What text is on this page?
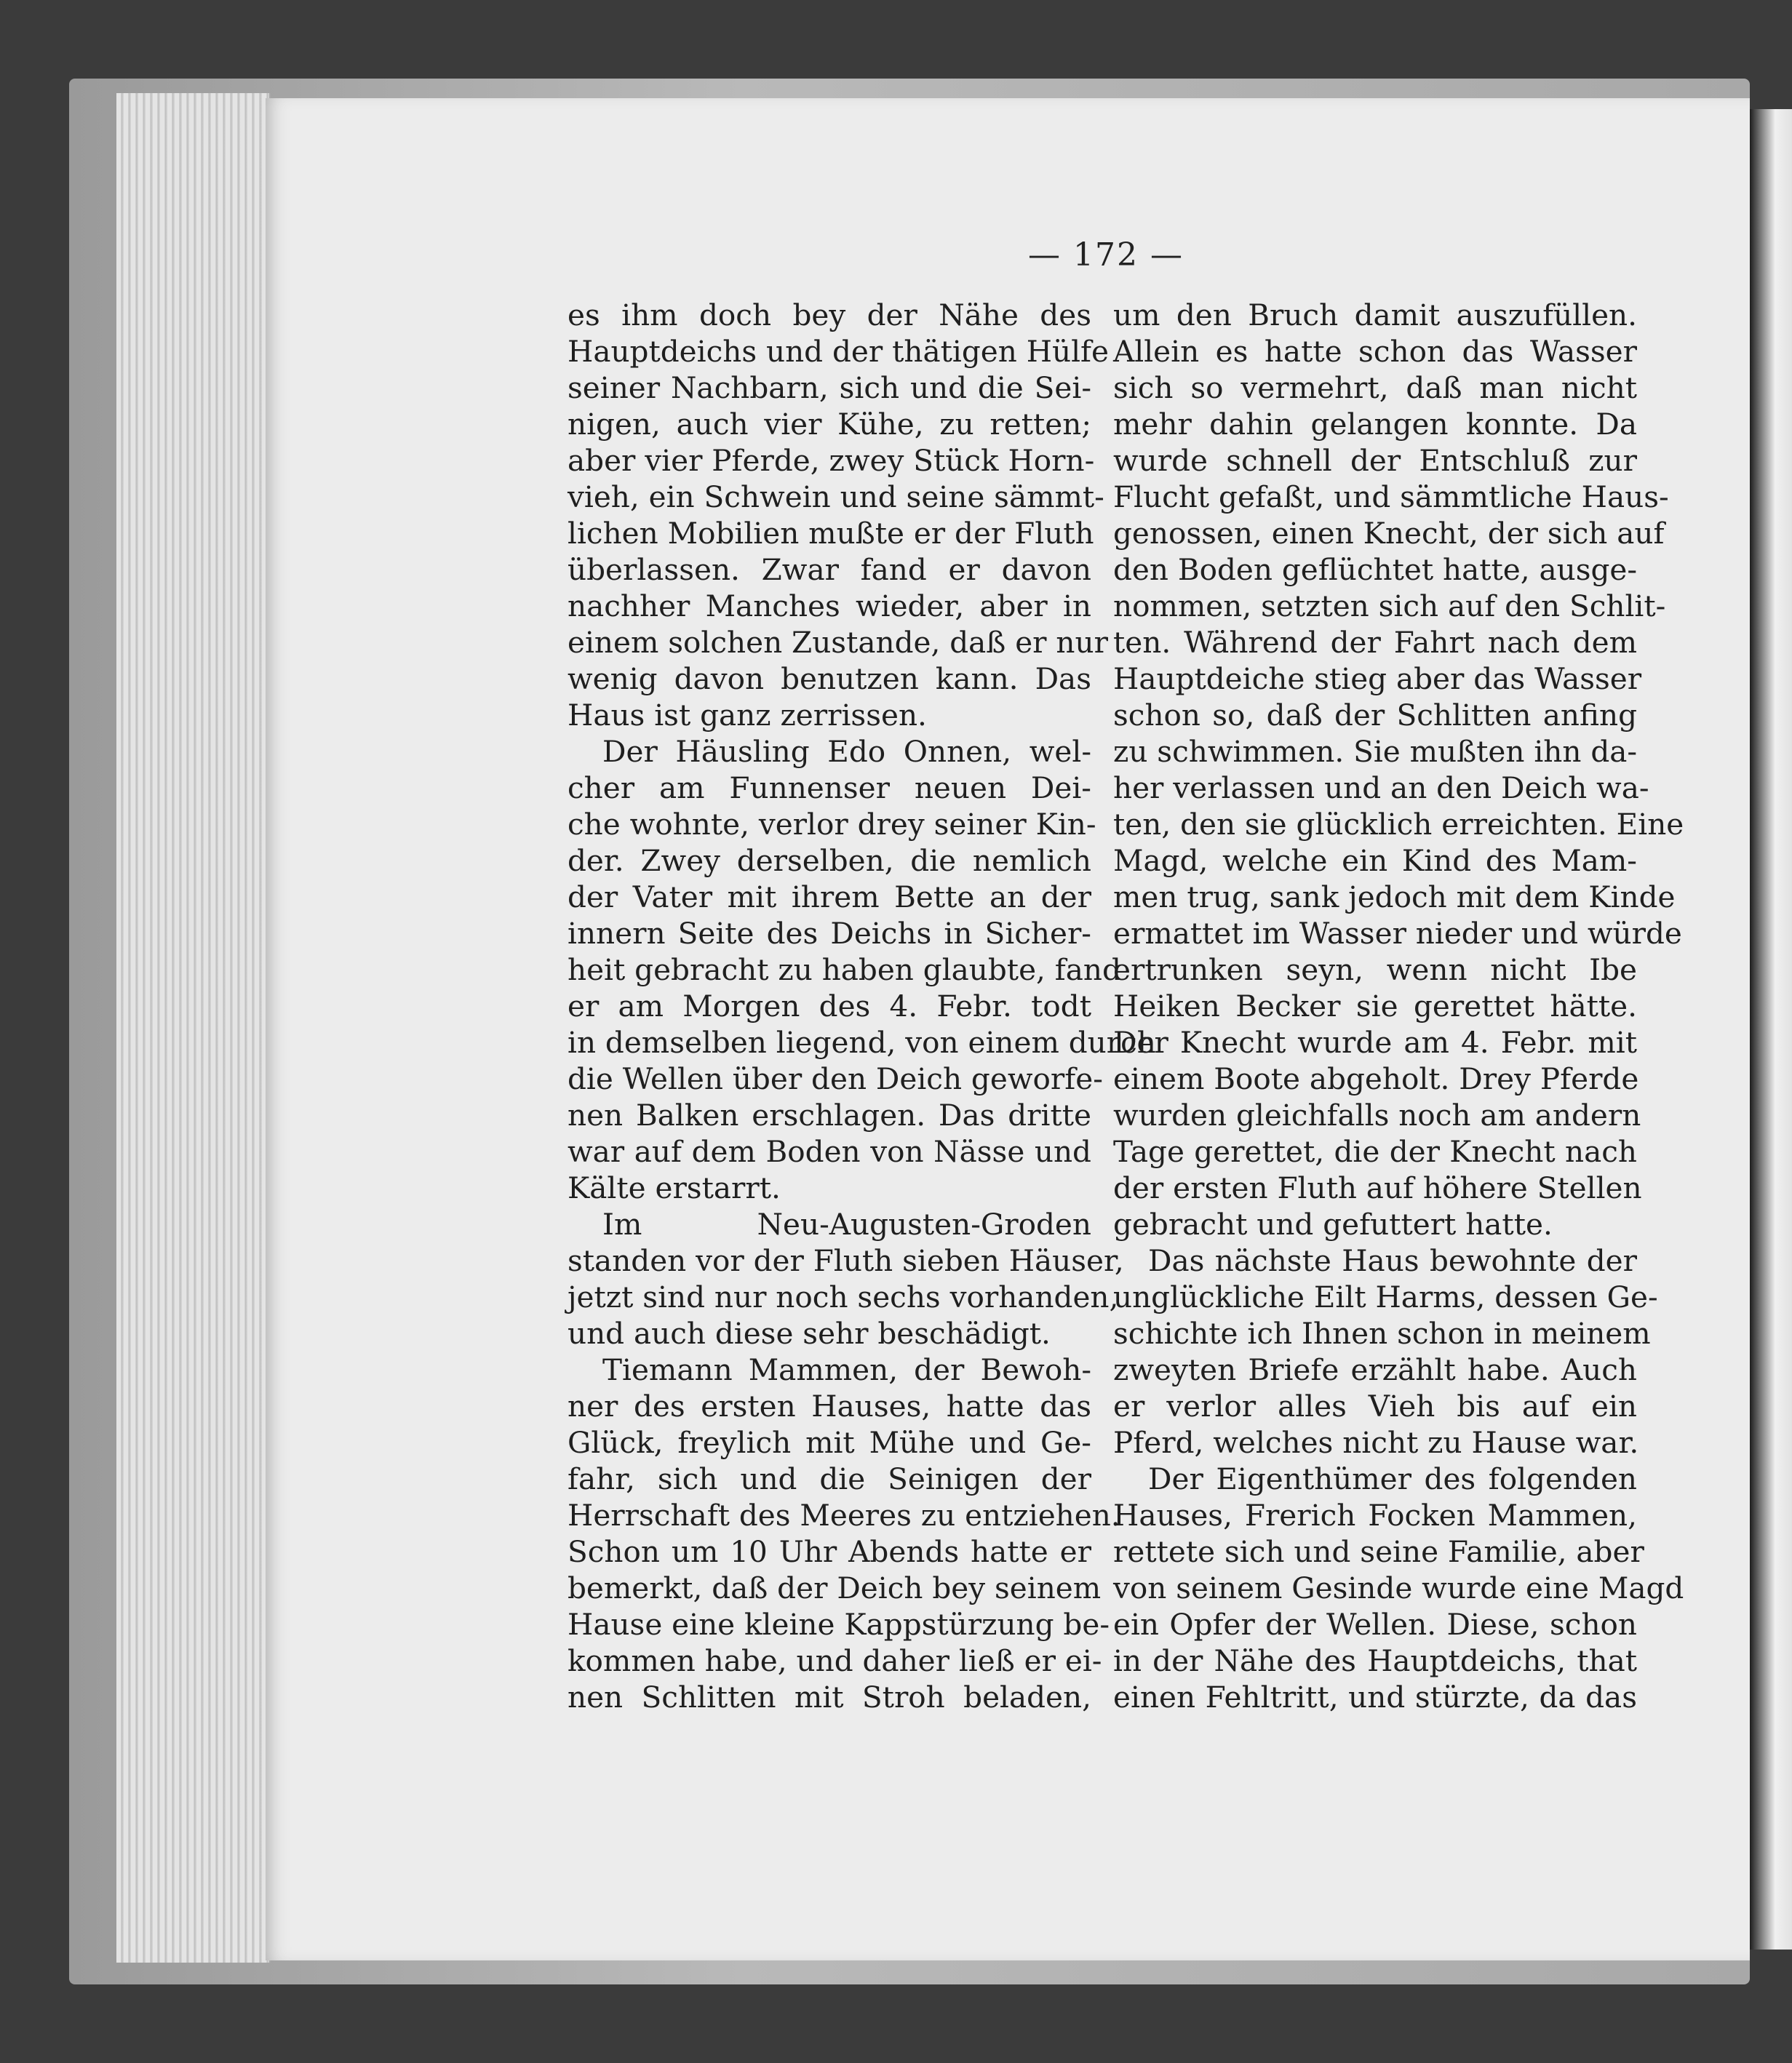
— 172 —
es ihm doch bey der Nähe des
Hauptdeichs und der thätigen Hülfe
seiner Nachbarn, sich und die Sei-
nigen, auch vier Kühe, zu retten;
aber vier Pferde, zwey Stück Horn-
vieh, ein Schwein und seine sämmt-
lichen Mobilien mußte er der Fluth
überlassen. Zwar fand er davon
nachher Manches wieder, aber in
einem solchen Zustande, daß er nur
wenig davon benutzen kann. Das
Haus ist ganz zerrissen.
Der Häusling Edo Onnen, wel-
cher am Funnenser neuen Dei-
che wohnte, verlor drey seiner Kin-
der. Zwey derselben, die nemlich
der Vater mit ihrem Bette an der
innern Seite des Deichs in Sicher-
heit gebracht zu haben glaubte, fand
er am Morgen des 4. Febr. todt
in demselben liegend, von einem durch
die Wellen über den Deich geworfe-
nen Balken erschlagen. Das dritte
war auf dem Boden von Nässe und
Kälte erstarrt.
Im Neu-Augusten-Groden
standen vor der Fluth sieben Häuser,
jetzt sind nur noch sechs vorhanden,
und auch diese sehr beschädigt.
Tiemann Mammen, der Bewoh-
ner des ersten Hauses, hatte das
Glück, freylich mit Mühe und Ge-
fahr, sich und die Seinigen der
Herrschaft des Meeres zu entziehen.
Schon um 10 Uhr Abends hatte er
bemerkt, daß der Deich bey seinem
Hause eine kleine Kappstürzung be-
kommen habe, und daher ließ er ei-
nen Schlitten mit Stroh beladen,
um den Bruch damit auszufüllen.
Allein es hatte schon das Wasser
sich so vermehrt, daß man nicht
mehr dahin gelangen konnte. Da
wurde schnell der Entschluß zur
Flucht gefaßt, und sämmtliche Haus-
genossen, einen Knecht, der sich auf
den Boden geflüchtet hatte, ausge-
nommen, setzten sich auf den Schlit-
ten. Während der Fahrt nach dem
Hauptdeiche stieg aber das Wasser
schon so, daß der Schlitten anfing
zu schwimmen. Sie mußten ihn da-
her verlassen und an den Deich wa-
ten, den sie glücklich erreichten. Eine
Magd, welche ein Kind des Mam-
men trug, sank jedoch mit dem Kinde
ermattet im Wasser nieder und würde
ertrunken seyn, wenn nicht Ibe
Heiken Becker sie gerettet hätte.
Der Knecht wurde am 4. Febr. mit
einem Boote abgeholt. Drey Pferde
wurden gleichfalls noch am andern
Tage gerettet, die der Knecht nach
der ersten Fluth auf höhere Stellen
gebracht und gefuttert hatte.
Das nächste Haus bewohnte der
unglückliche Eilt Harms, dessen Ge-
schichte ich Ihnen schon in meinem
zweyten Briefe erzählt habe. Auch
er verlor alles Vieh bis auf ein
Pferd, welches nicht zu Hause war.
Der Eigenthümer des folgenden
Hauses, Frerich Focken Mammen,
rettete sich und seine Familie, aber
von seinem Gesinde wurde eine Magd
ein Opfer der Wellen. Diese, schon
in der Nähe des Hauptdeichs, that
einen Fehltritt, und stürzte, da das
